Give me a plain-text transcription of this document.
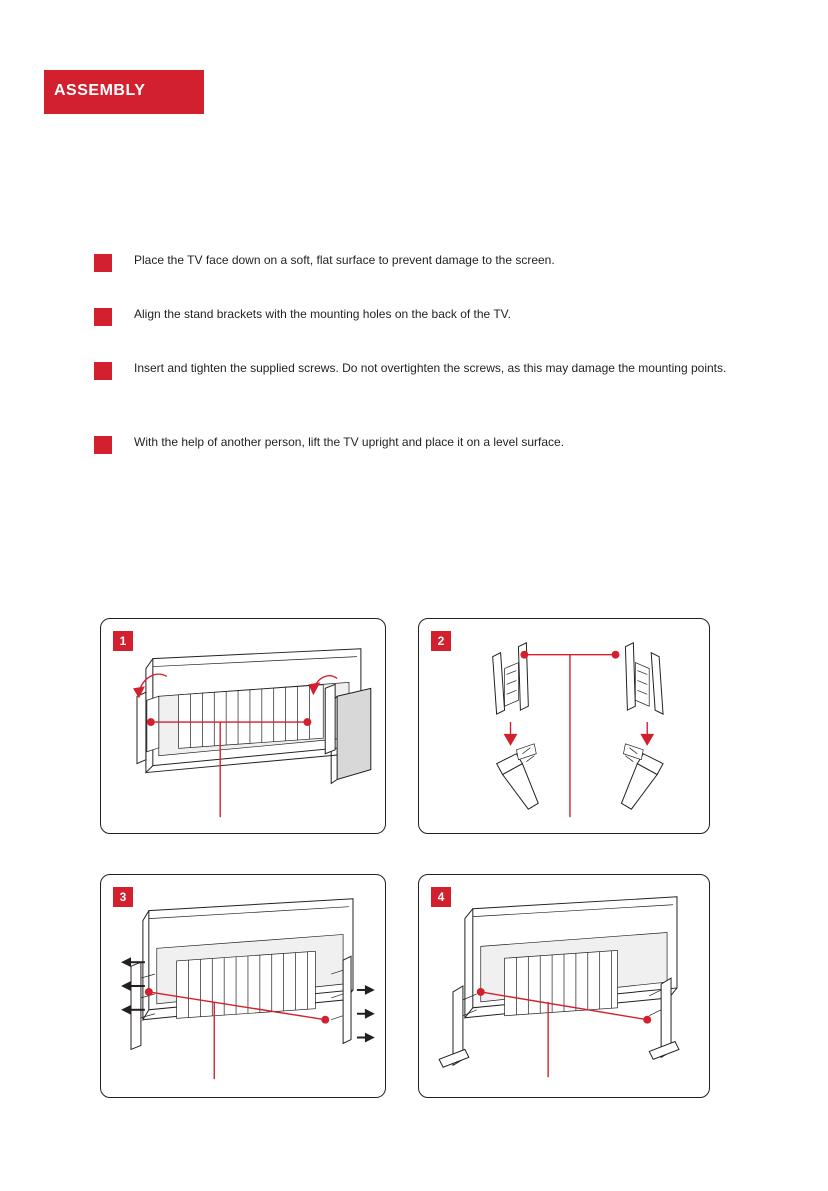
ASSEMBLY
Place the TV face down on a soft, flat surface to prevent damage to the screen.
Align the stand brackets with the mounting holes on the back of the TV.
Insert and tighten the supplied screws. Do not overtighten the screws, as this may damage the mounting points.
With the help of another person, lift the TV upright and place it on a level surface.
1	2
3	4
